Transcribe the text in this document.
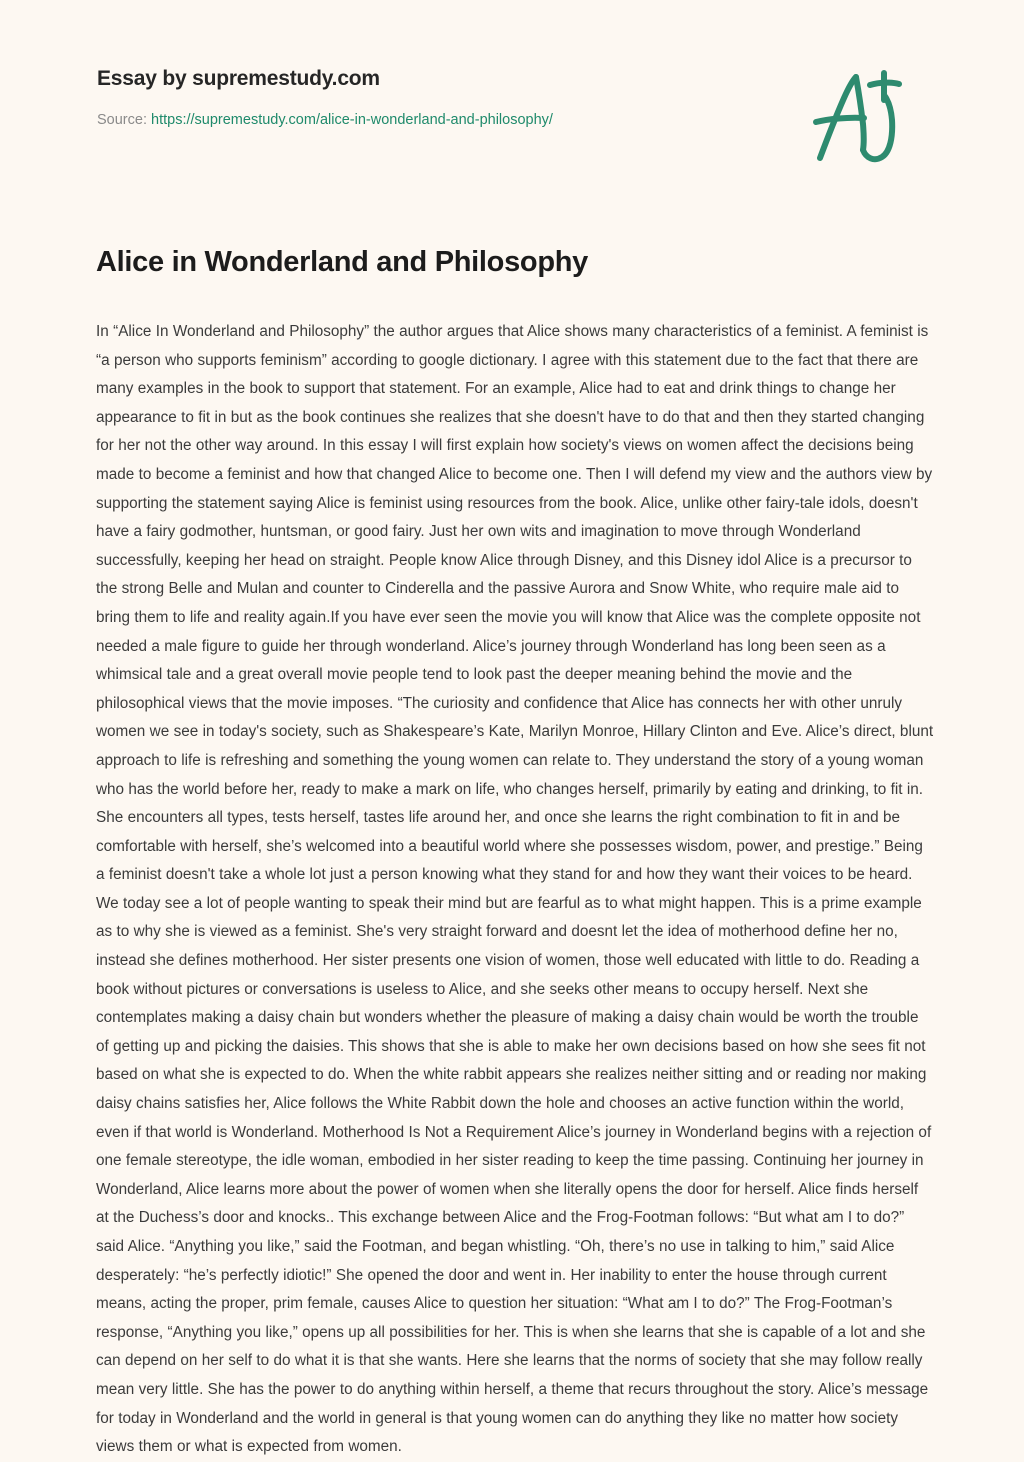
Essay by supremestudy.com
Source: https://supremestudy.com/alice-in-wonderland-and-philosophy/
Alice in Wonderland and Philosophy

In “Alice In Wonderland and Philosophy” the author argues that Alice shows many characteristics of a feminist. A feminist is “a person who supports feminism” according to google dictionary. I agree with this statement due to the fact that there are many examples in the book to support that statement. For an example, Alice had to eat and drink things to change her appearance to fit in but as the book continues she realizes that she doesn't have to do that and then they started changing for her not the other way around. In this essay I will first explain how society's views on women affect the decisions being made to become a feminist and how that changed Alice to become one. Then I will defend my view and the authors view by supporting the statement saying Alice is feminist using resources from the book. Alice, unlike other fairy-tale idols, doesn't have a fairy godmother, huntsman, or good fairy. Just her own wits and imagination to move through Wonderland successfully, keeping her head on straight. People know Alice through Disney, and this Disney idol Alice is a precursor to the strong Belle and Mulan and counter to Cinderella and the passive Aurora and Snow White, who require male aid to bring them to life and reality again.If you have ever seen the movie you will know that Alice was the complete opposite not needed a male figure to guide her through wonderland. Alice’s journey through Wonderland has long been seen as a whimsical tale and a great overall movie people tend to look past the deeper meaning behind the movie and the philosophical views that the movie imposes. “The curiosity and confidence that Alice has connects her with other unruly women we see in today's society, such as Shakespeare’s Kate, Marilyn Monroe, Hillary Clinton and Eve. Alice’s direct, blunt approach to life is refreshing and something the young women can relate to. They understand the story of a young woman who has the world before her, ready to make a mark on life, who changes herself, primarily by eating and drinking, to fit in. She encounters all types, tests herself, tastes life around her, and once she learns the right combination to fit in and be comfortable with herself, she’s welcomed into a beautiful world where she possesses wisdom, power, and prestige.” Being a feminist doesn't take a whole lot just a person knowing what they stand for and how they want their voices to be heard. We today see a lot of people wanting to speak their mind but are fearful as to what might happen. This is a prime example as to why she is viewed as a feminist. She's very straight forward and doesnt let the idea of motherhood define her no, instead she defines motherhood. Her sister presents one vision of women, those well educated with little to do. Reading a book without pictures or conversations is useless to Alice, and she seeks other means to occupy herself. Next she contemplates making a daisy chain but wonders whether the pleasure of making a daisy chain would be worth the trouble of getting up and picking the daisies. This shows that she is able to make her own decisions based on how she sees fit not based on what she is expected to do. When the white rabbit appears she realizes neither sitting and or reading nor making daisy chains satisfies her, Alice follows the White Rabbit down the hole and chooses an active function within the world, even if that world is Wonderland. Motherhood Is Not a Requirement Alice’s journey in Wonderland begins with a rejection of one female stereotype, the idle woman, embodied in her sister reading to keep the time passing. Continuing her journey in Wonderland, Alice learns more about the power of women when she literally opens the door for herself. Alice finds herself at the Duchess’s door and knocks.. This exchange between Alice and the Frog-Footman follows: “But what am I to do?” said Alice. “Anything you like,” said the Footman, and began whistling. “Oh, there’s no use in talking to him,” said Alice desperately: “he’s perfectly idiotic!” She opened the door and went in. Her inability to enter the house through current means, acting the proper, prim female, causes Alice to question her situation: “What am I to do?” The Frog-Footman’s response, “Anything you like,” opens up all possibilities for her. This is when she learns that she is capable of a lot and she can depend on her self to do what it is that she wants. Here she learns that the norms of society that she may follow really mean very little. She has the power to do anything within herself, a theme that recurs throughout the story. Alice’s message for today in Wonderland and the world in general is that young women can do anything they like no matter how society views them or what is expected from women.
